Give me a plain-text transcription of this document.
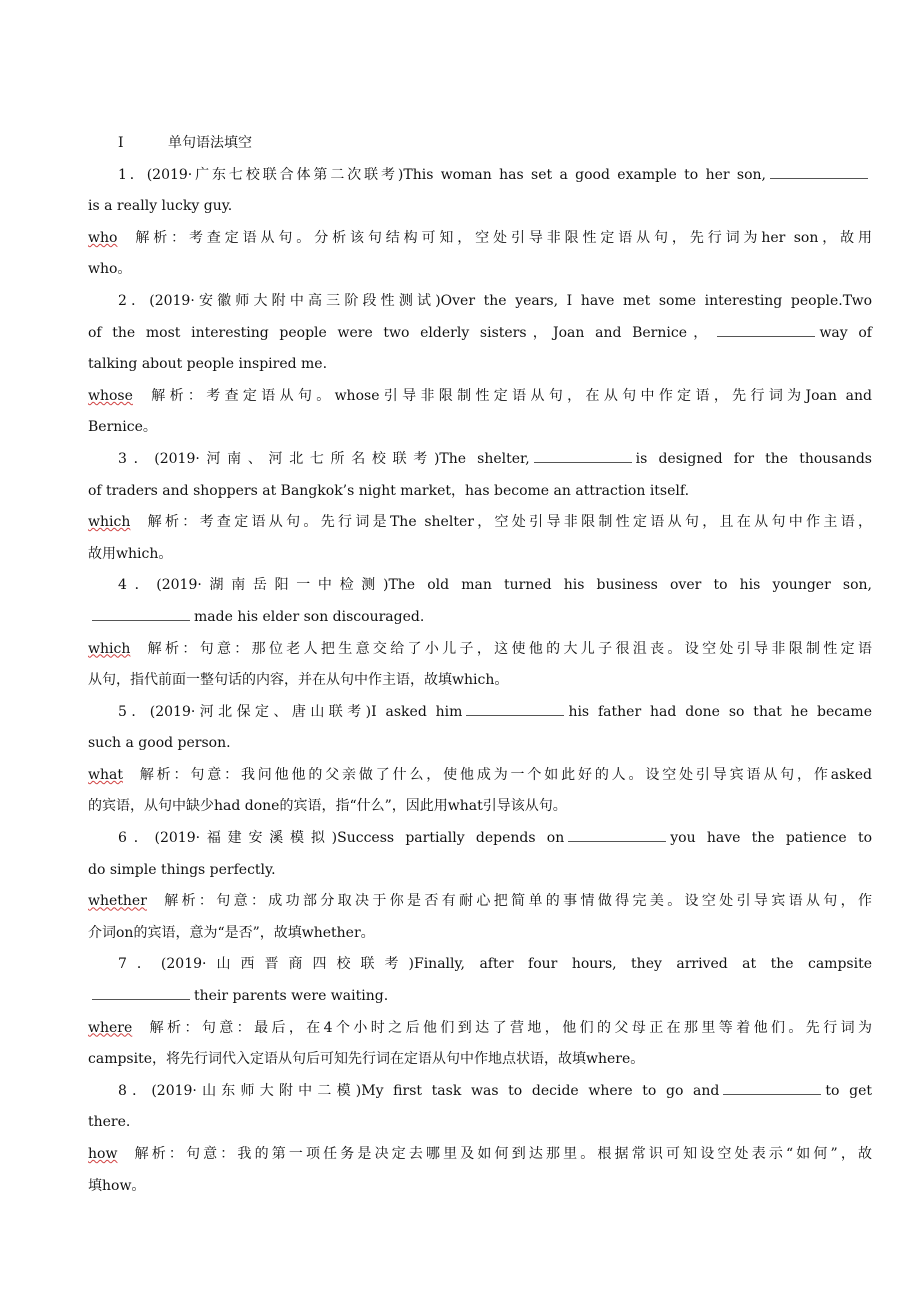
Ⅰ	单句语法填空
1．(2019·广东七校联合体第二次联考)This woman has set a good example to her son,
is a really lucky guy.
who 解析：考查定语从句。分析该句结构可知，空处引导非限性定语从句，先行词为her son，故用
who。
2．(2019·安徽师大附中高三阶段性测试)Over the years, I have met some interesting people.Two
of the most interesting people were two elderly sisters，Joan and Bernice，	way of
talking about people inspired me.
whose 解析：考查定语从句。whose引导非限制性定语从句，在从句中作定语，先行词为Joan and
Bernice。
3．(2019·河南、河北七所名校联考)The shelter,	is designed for the thousands
of traders and shoppers at Bangkok’s night market，has become an attraction itself.
which 解析：考查定语从句。先行词是The shelter，空处引导非限制性定语从句，且在从句中作主语，
故用which。
4．(2019·湖南岳阳一中检测)The old man turned his business over to his younger son,
made his elder son discouraged.
which 解析：句意：那位老人把生意交给了小儿子，这使他的大儿子很沮丧。设空处引导非限制性定语
从句，指代前面一整句话的内容，并在从句中作主语，故填which。
5．(2019·河北保定、唐山联考)I asked him	his father had done so that he became
such a good person.
what 解析：句意：我问他他的父亲做了什么，使他成为一个如此好的人。设空处引导宾语从句，作asked
的宾语，从句中缺少had done的宾语，指“什么”，因此用what引导该从句。
6．(2019·福建安溪模拟)Success partially depends on	you have the patience to
do simple things perfectly.
whether 解析：句意：成功部分取决于你是否有耐心把简单的事情做得完美。设空处引导宾语从句，作
介词on的宾语，意为“是否”，故填whether。
7．(2019·山西晋商四校联考)Finally, after four hours, they arrived at the campsite
their parents were waiting.
where 解析：句意：最后，在4个小时之后他们到达了营地，他们的父母正在那里等着他们。先行词为
campsite，将先行词代入定语从句后可知先行词在定语从句中作地点状语，故填where。
8．(2019·山东师大附中二模)My first task was to decide where to go and	to get
there.
how 解析：句意：我的第一项任务是决定去哪里及如何到达那里。根据常识可知设空处表示“如何”，故
填how。
